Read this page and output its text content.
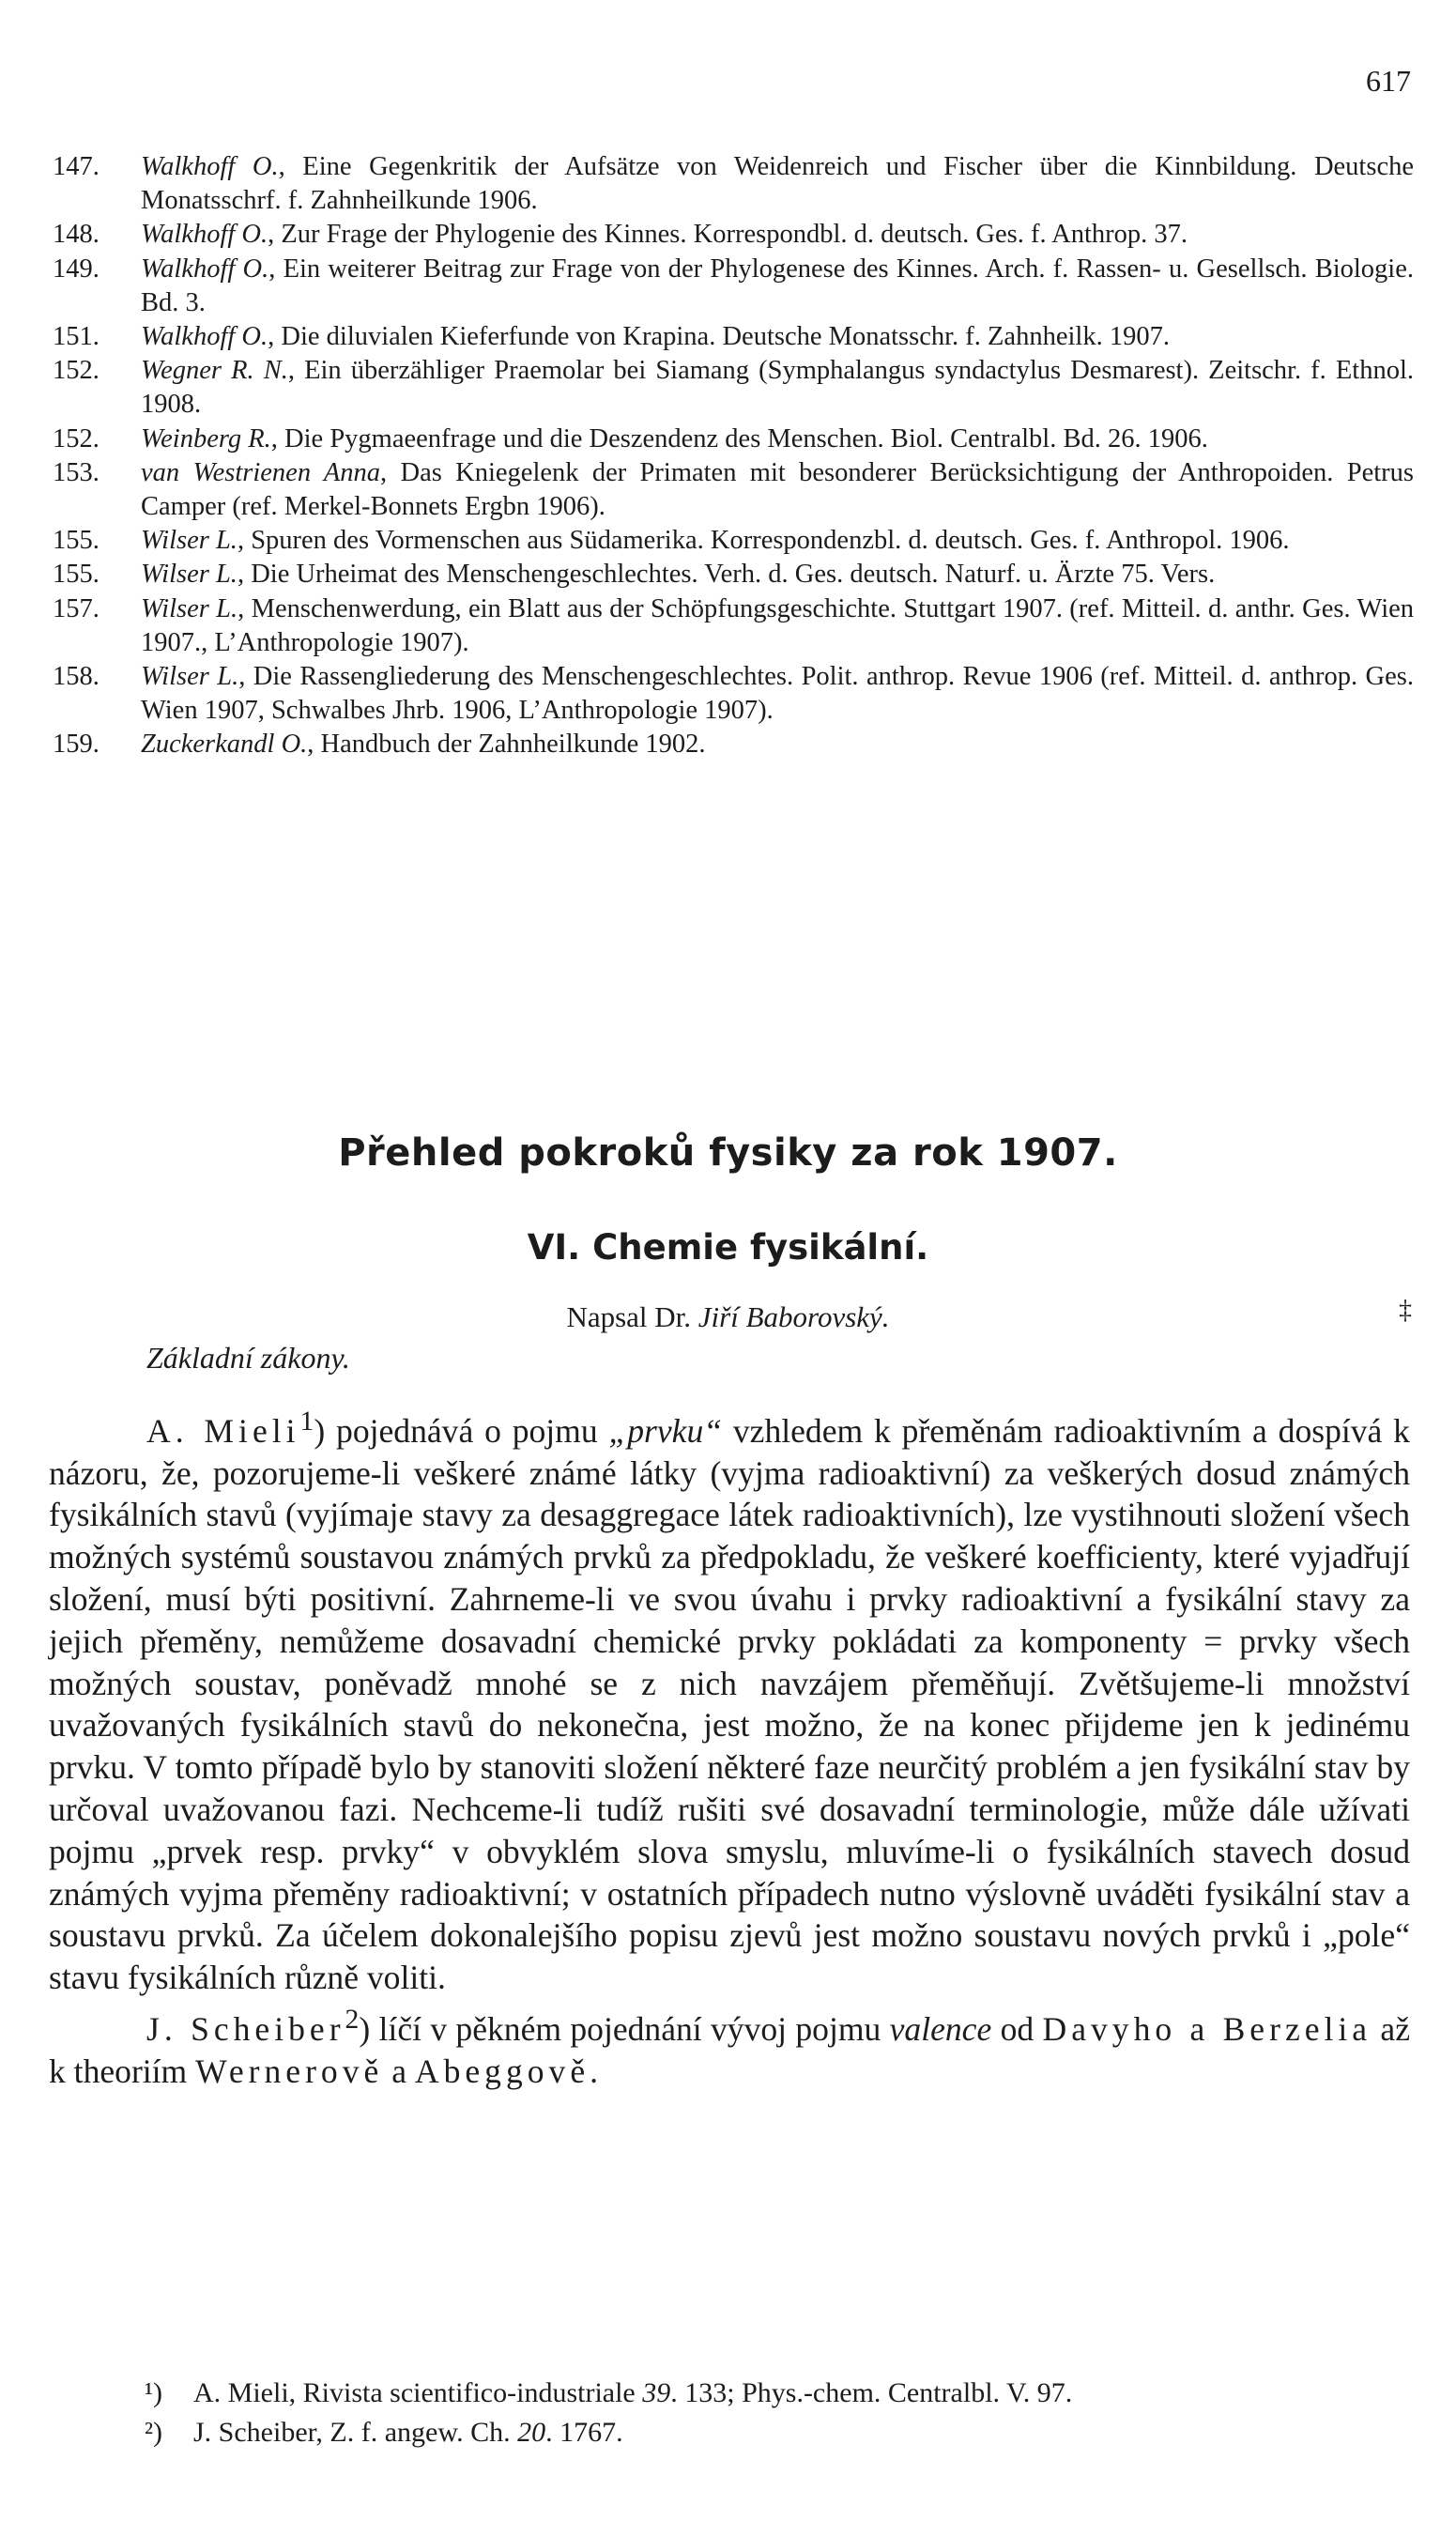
617
147.	Walkhoff O., Eine Gegenkritik der Aufsätze von Weidenreich und Fischer über die Kinnbildung. Deutsche Monatsschrf. f. Zahnheilkunde 1906.
148.	Walkhoff O., Zur Frage der Phylogenie des Kinnes. Korrespondbl. d. deutsch. Ges. f. Anthrop. 37.
149.	Walkhoff O., Ein weiterer Beitrag zur Frage von der Phylogenese des Kinnes. Arch. f. Rassen- u. Gesellsch. Biologie. Bd. 3.
151.	Walkhoff O., Die diluvialen Kieferfunde von Krapina. Deutsche Monatsschr. f. Zahnheilk. 1907.
152.	Wegner R. N., Ein überzähliger Praemolar bei Siamang (Symphalangus syndactylus Desmarest). Zeitschr. f. Ethnol. 1908.
152.	Weinberg R., Die Pygmaeenfrage und die Deszendenz des Menschen. Biol. Centralbl. Bd. 26. 1906.
153.	van Westrienen Anna, Das Kniegelenk der Primaten mit besonderer Berücksichtigung der Anthropoiden. Petrus Camper (ref. Merkel-Bonnets Ergbn 1906).
155.	Wilser L., Spuren des Vormenschen aus Südamerika. Korrespondenzbl. d. deutsch. Ges. f. Anthropol. 1906.
155.	Wilser L., Die Urheimat des Menschengeschlechtes. Verh. d. Ges. deutsch. Naturf. u. Ärzte 75. Vers.
157.	Wilser L., Menschenwerdung, ein Blatt aus der Schöpfungsgeschichte. Stuttgart 1907. (ref. Mitteil. d. anthr. Ges. Wien 1907., L’Anthropologie 1907).
158.	Wilser L., Die Rassengliederung des Menschengeschlechtes. Polit. anthrop. Revue 1906 (ref. Mitteil. d. anthrop. Ges. Wien 1907, Schwalbes Jhrb. 1906, L’Anthropologie 1907).
159.	Zuckerkandl O., Handbuch der Zahnheilkunde 1902.
Přehled pokroků fysiky za rok 1907.
VI. Chemie fysikální.
Napsal Dr. Jiří Baborovský.	‡
Základní zákony.

A. Mieli$^1$) pojednává o pojmu „prvku“ vzhledem k přeměnám radioaktivním a dospívá k názoru, že, pozorujeme-li veškeré známé látky (vyjma radioaktivní) za veškerých dosud známých fysikálních stavů (vyjímaje stavy za desaggregace látek radioaktivních), lze vystihnouti složení všech možných systémů soustavou známých prvků za předpokladu, že veškeré koefficienty, které vyjadřují složení, musí býti positivní. Zahrneme-li ve svou úvahu i prvky radioaktivní a fysikální stavy za jejich přeměny, nemůžeme dosavadní chemické prvky pokládati za komponenty = prvky všech možných soustav, poněvadž mnohé se z nich navzájem přeměňují. Zvětšujeme-li množství uvažovaných fysikálních stavů do nekonečna, jest možno, že na konec přijdeme jen k jedinému prvku. V tomto případě bylo by stanoviti složení některé faze neurčitý problém a jen fysikální stav by určoval uvažovanou fazi. Nechceme-li tudíž rušiti své dosavadní terminologie, může dále užívati pojmu „prvek resp. prvky“ v obvyklém slova smyslu, mluvíme-li o fysikálních stavech dosud známých vyjma přeměny radioaktivní; v ostatních případech nutno výslovně uváděti fysikální stav a soustavu prvků. Za účelem dokonalejšího popisu zjevů jest možno soustavu nových prvků i „pole“ stavu fysikálních různě voliti.

J. Scheiber$^2$) líčí v pěkném pojednání vývoj pojmu valence od Davyho a Berzelia až k theoriím Wernerově a Abeggově.

¹)	A. Mieli, Rivista scientifico-industriale 39. 133; Phys.-chem. Centralbl. V. 97.
²)	J. Scheiber, Z. f. angew. Ch. 20. 1767.
